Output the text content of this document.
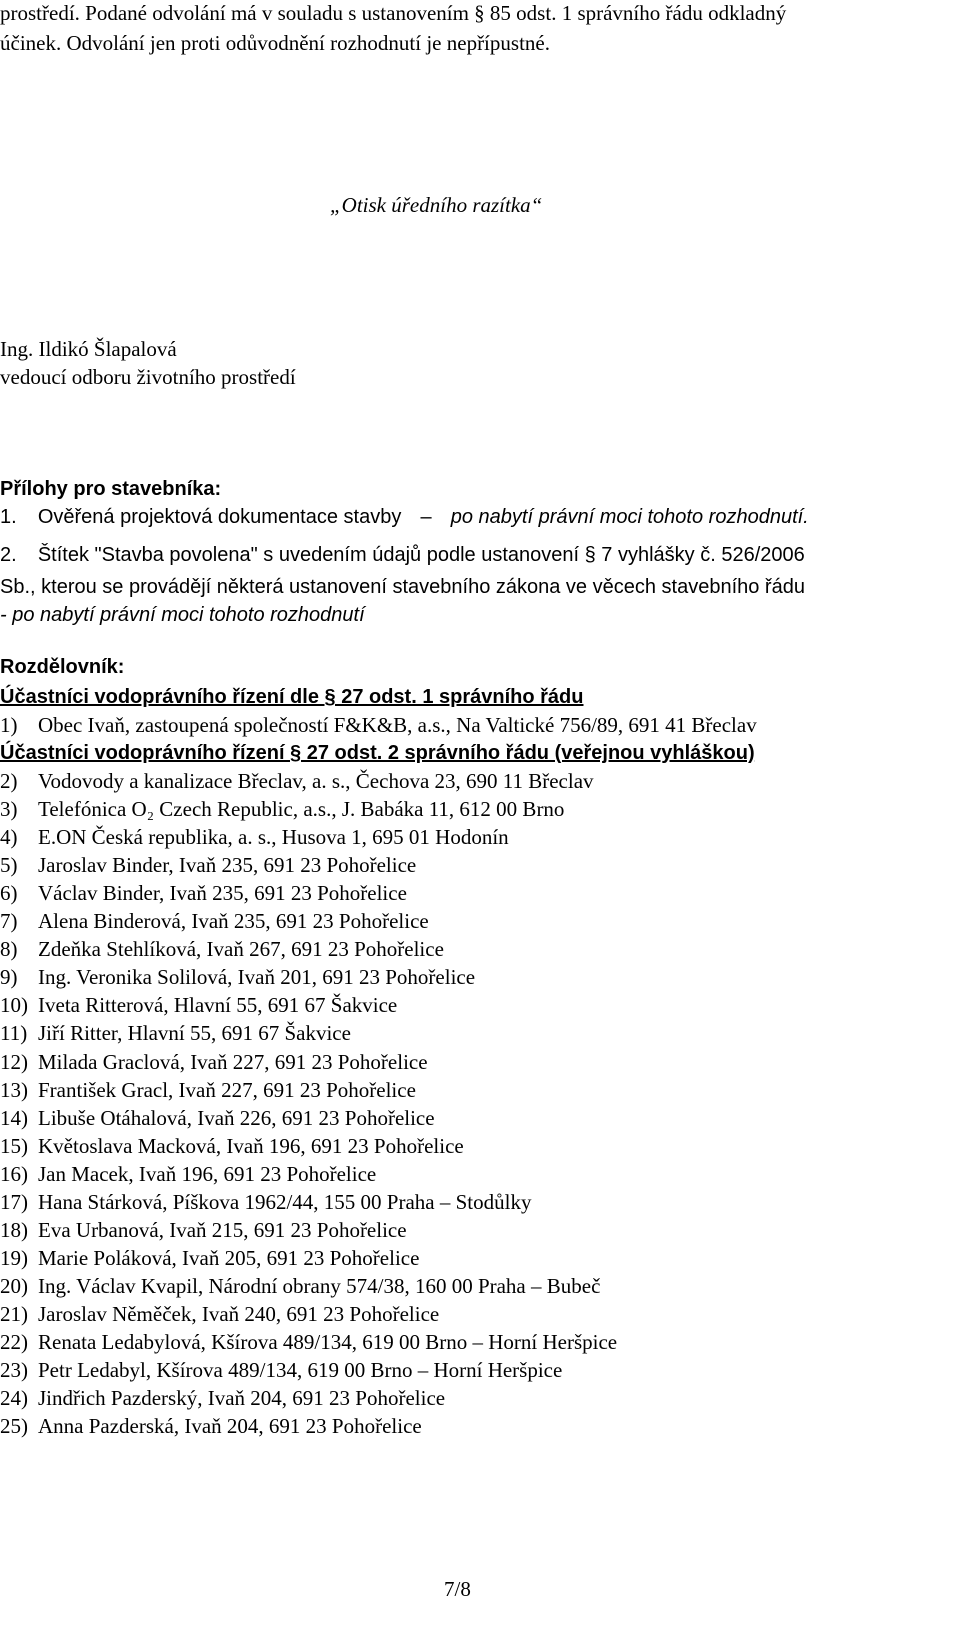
prostředí. Podané odvolání má v souladu s ustanovením § 85 odst. 1 správního řádu odkladný
účinek. Odvolání jen proti odůvodnění rozhodnutí je nepřípustné.
„Otisk úředního razítka“
Ing. Ildikó Šlapalová
vedoucí odboru životního prostředí
Přílohy pro stavebníka:
1. Ověřená projektová dokumentace stavby – po nabytí právní moci tohoto rozhodnutí.
2. Štítek "Stavba povolena" s uvedením údajů podle ustanovení § 7 vyhlášky č. 526/2006
Sb., kterou se provádějí některá ustanovení stavebního zákona ve věcech stavebního řádu
- po nabytí právní moci tohoto rozhodnutí
Rozdělovník:
Účastníci vodoprávního řízení dle § 27 odst. 1 správního řádu
1) Obec Ivaň, zastoupená společností F&K&B, a.s., Na Valtické 756/89, 691 41 Břeclav
Účastníci vodoprávního řízení § 27 odst. 2 správního řádu (veřejnou vyhláškou)
2) Vodovody a kanalizace Břeclav, a. s., Čechova 23, 690 11 Břeclav
3) Telefónica O₂ Czech Republic, a.s., J. Babáka 11, 612 00 Brno
4) E.ON Česká republika, a. s., Husova 1, 695 01 Hodonín
5) Jaroslav Binder, Ivaň 235, 691 23 Pohořelice
6) Václav Binder, Ivaň 235, 691 23 Pohořelice
7) Alena Binderová, Ivaň 235, 691 23 Pohořelice
8) Zdeňka Stehlíková, Ivaň 267, 691 23 Pohořelice
9) Ing. Veronika Solilová, Ivaň 201, 691 23 Pohořelice
10) Iveta Ritterová, Hlavní 55, 691 67 Šakvice
11) Jiří Ritter, Hlavní 55, 691 67 Šakvice
12) Milada Graclová, Ivaň 227, 691 23 Pohořelice
13) František Gracl, Ivaň 227, 691 23 Pohořelice
14) Libuše Otáhalová, Ivaň 226, 691 23 Pohořelice
15) Květoslava Macková, Ivaň 196, 691 23 Pohořelice
16) Jan Macek, Ivaň 196, 691 23 Pohořelice
17) Hana Stárková, Píškova 1962/44, 155 00 Praha – Stodůlky
18) Eva Urbanová, Ivaň 215, 691 23 Pohořelice
19) Marie Poláková, Ivaň 205, 691 23 Pohořelice
20) Ing. Václav Kvapil, Národní obrany 574/38, 160 00 Praha – Bubeč
21) Jaroslav Něměček, Ivaň 240, 691 23 Pohořelice
22) Renata Ledabylová, Kšírova 489/134, 619 00 Brno – Horní Heršpice
23) Petr Ledabyl, Kšírova 489/134, 619 00 Brno – Horní Heršpice
24) Jindřich Pazderský, Ivaň 204, 691 23 Pohořelice
25) Anna Pazderská, Ivaň 204, 691 23 Pohořelice
7/8
